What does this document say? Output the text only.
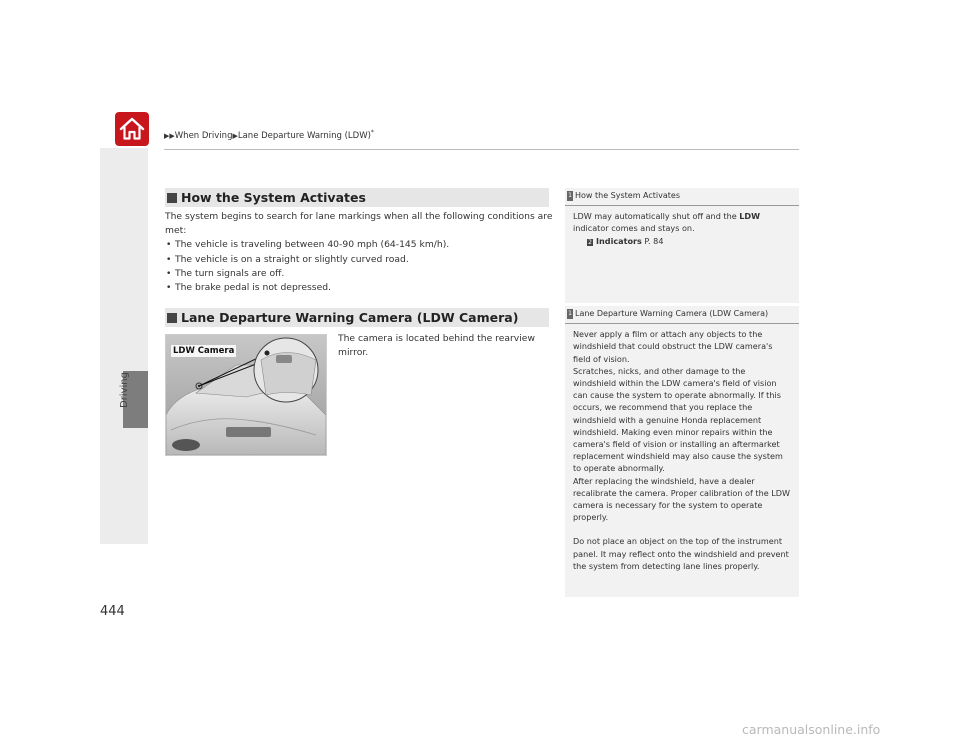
Driving
▶▶When Driving▶Lane Departure Warning (LDW)*
How the System Activates

The system begins to search for lane markings when all the following conditions are met:

• The vehicle is traveling between 40-90 mph (64-145 km/h).
• The vehicle is on a straight or slightly curved road.
• The turn signals are off.
• The brake pedal is not depressed.
Lane Departure Warning Camera (LDW Camera)
LDW Camera
The camera is located behind the rearview mirror.
1 How the System Activates

LDW may automatically shut off and the LDW indicator comes and stays on.

2 Indicators P. 84

1 Lane Departure Warning Camera (LDW Camera)

Never apply a film or attach any objects to the windshield that could obstruct the LDW camera's field of vision.

Scratches, nicks, and other damage to the windshield within the LDW camera's field of vision can cause the system to operate abnormally. If this occurs, we recommend that you replace the windshield with a genuine Honda replacement windshield. Making even minor repairs within the camera's field of vision or installing an aftermarket replacement windshield may also cause the system to operate abnormally.

After replacing the windshield, have a dealer recalibrate the camera. Proper calibration of the LDW camera is necessary for the system to operate properly.

Do not place an object on the top of the instrument panel. It may reflect onto the windshield and prevent the system from detecting lane lines properly.

444
carmanualsonline.info
